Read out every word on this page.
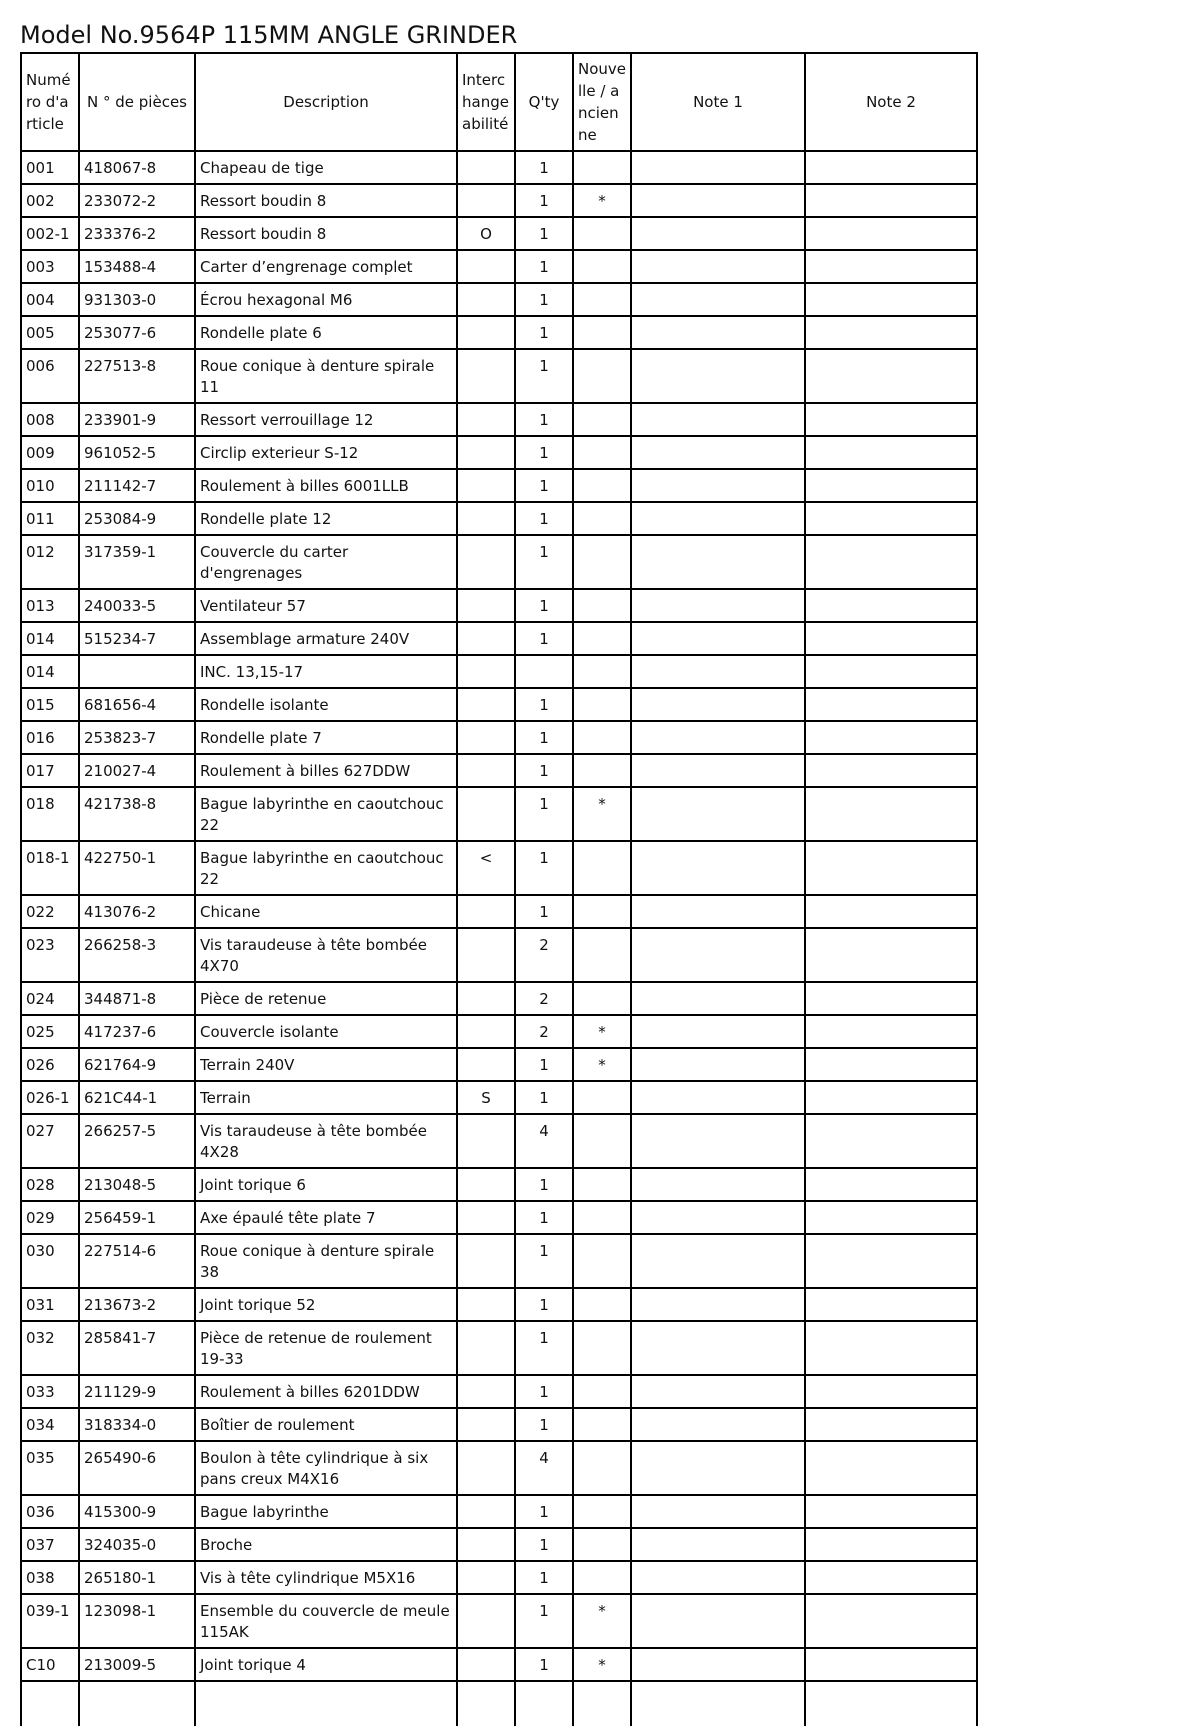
Model No.9564P 115MM ANGLE GRINDER
Numéro d'article	N ° de pièces	Description	Interchangeabilité	Q'ty	Nouvelle / ancienne	Note 1	Note 2
001	418067-8	Chapeau de tige		1			
002	233072-2	Ressort boudin 8		1	*		
002-1	233376-2	Ressort boudin 8	O	1			
003	153488-4	Carter d’engrenage complet		1			
004	931303-0	Écrou hexagonal M6		1			
005	253077-6	Rondelle plate 6		1			
006	227513-8	Roue conique à denture spirale 11		1			
008	233901-9	Ressort verrouillage 12		1			
009	961052-5	Circlip exterieur S-12		1			
010	211142-7	Roulement à billes 6001LLB		1			
011	253084-9	Rondelle plate 12		1			
012	317359-1	Couvercle du carter d'engrenages		1			
013	240033-5	Ventilateur 57		1			
014	515234-7	Assemblage armature 240V		1			
014		INC. 13,15-17					
015	681656-4	Rondelle isolante		1			
016	253823-7	Rondelle plate 7		1			
017	210027-4	Roulement à billes 627DDW		1			
018	421738-8	Bague labyrinthe en caoutchouc 22		1	*		
018-1	422750-1	Bague labyrinthe en caoutchouc 22	<	1			
022	413076-2	Chicane		1			
023	266258-3	Vis taraudeuse à tête bombée 4X70		2			
024	344871-8	Pièce de retenue		2			
025	417237-6	Couvercle isolante		2	*		
026	621764-9	Terrain 240V		1	*		
026-1	621C44-1	Terrain	S	1			
027	266257-5	Vis taraudeuse à tête bombée 4X28		4			
028	213048-5	Joint torique 6		1			
029	256459-1	Axe épaulé tête plate 7		1			
030	227514-6	Roue conique à denture spirale 38		1			
031	213673-2	Joint torique 52		1			
032	285841-7	Pièce de retenue de roulement 19-33		1			
033	211129-9	Roulement à billes 6201DDW		1			
034	318334-0	Boîtier de roulement		1			
035	265490-6	Boulon à tête cylindrique à six pans creux M4X16		4			
036	415300-9	Bague labyrinthe		1			
037	324035-0	Broche		1			
038	265180-1	Vis à tête cylindrique M5X16		1			
039-1	123098-1	Ensemble du couvercle de meule 115AK		1	*		
C10	213009-5	Joint torique 4		1	*		
